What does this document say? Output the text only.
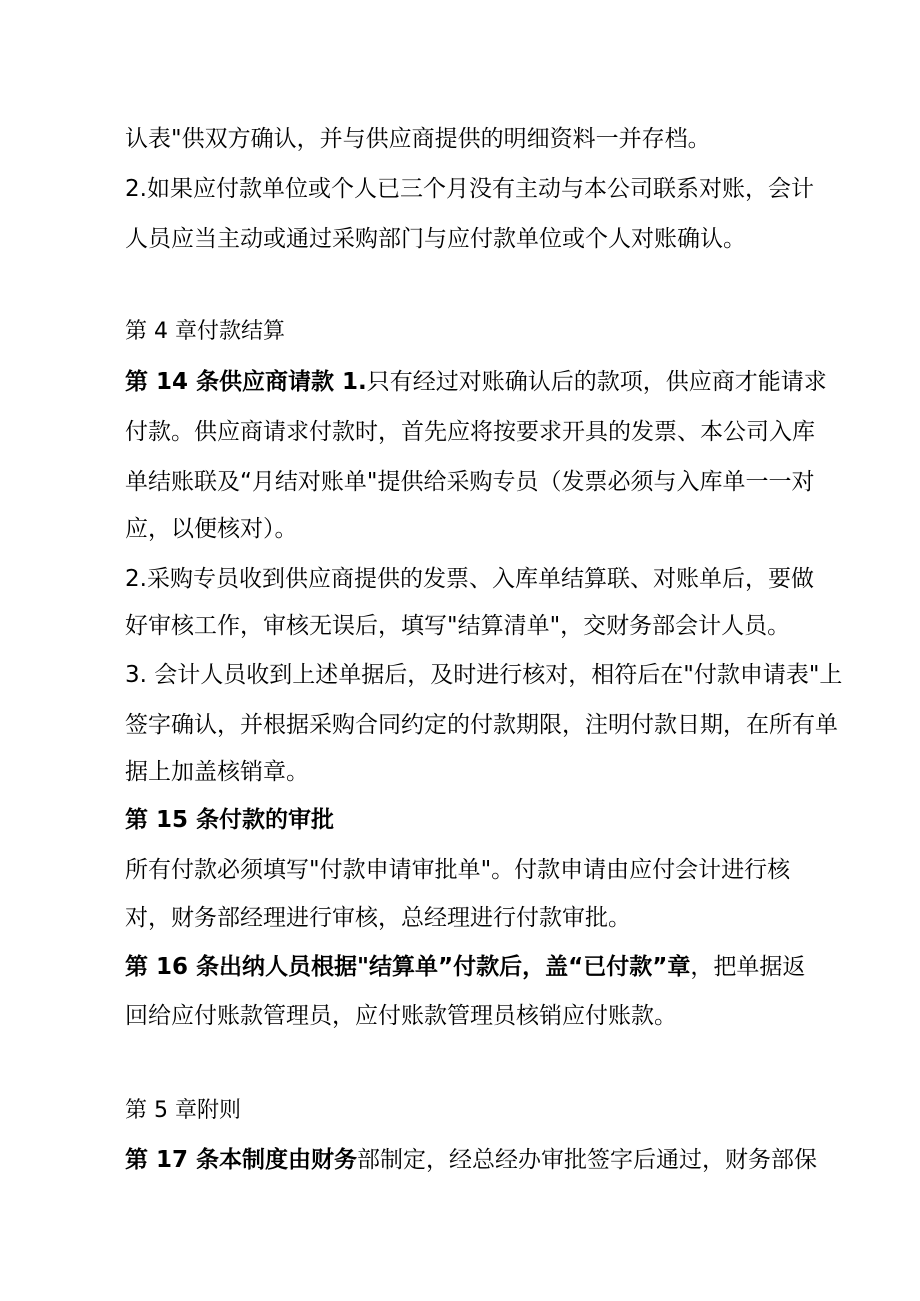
认表"供双方确认，并与供应商提供的明细资料一并存档。
2.如果应付款单位或个人已三个月没有主动与本公司联系对账，会计
人员应当主动或通过采购部门与应付款单位或个人对账确认。
第 4 章付款结算
第 14 条供应商请款 1.只有经过对账确认后的款项，供应商才能请求
付款。供应商请求付款时，首先应将按要求开具的发票、本公司入库
单结账联及“月结对账单"提供给采购专员（发票必须与入库单一一对
应，以便核对）。
2.采购专员收到供应商提供的发票、入库单结算联、对账单后，要做
好审核工作，审核无误后，填写"结算清单"，交财务部会计人员。
3. 会计人员收到上述单据后，及时进行核对，相符后在"付款申请表"上
签字确认，并根据采购合同约定的付款期限，注明付款日期，在所有单
据上加盖核销章。
第 15 条付款的审批
所有付款必须填写"付款申请审批单"。付款申请由应付会计进行核
对，财务部经理进行审核，总经理进行付款审批。
第 16 条出纳人员根据"结算单”付款后，盖“已付款”章，把单据返
回给应付账款管理员，应付账款管理员核销应付账款。
第 5 章附则
第 17 条本制度由财务部制定，经总经办审批签字后通过，财务部保
